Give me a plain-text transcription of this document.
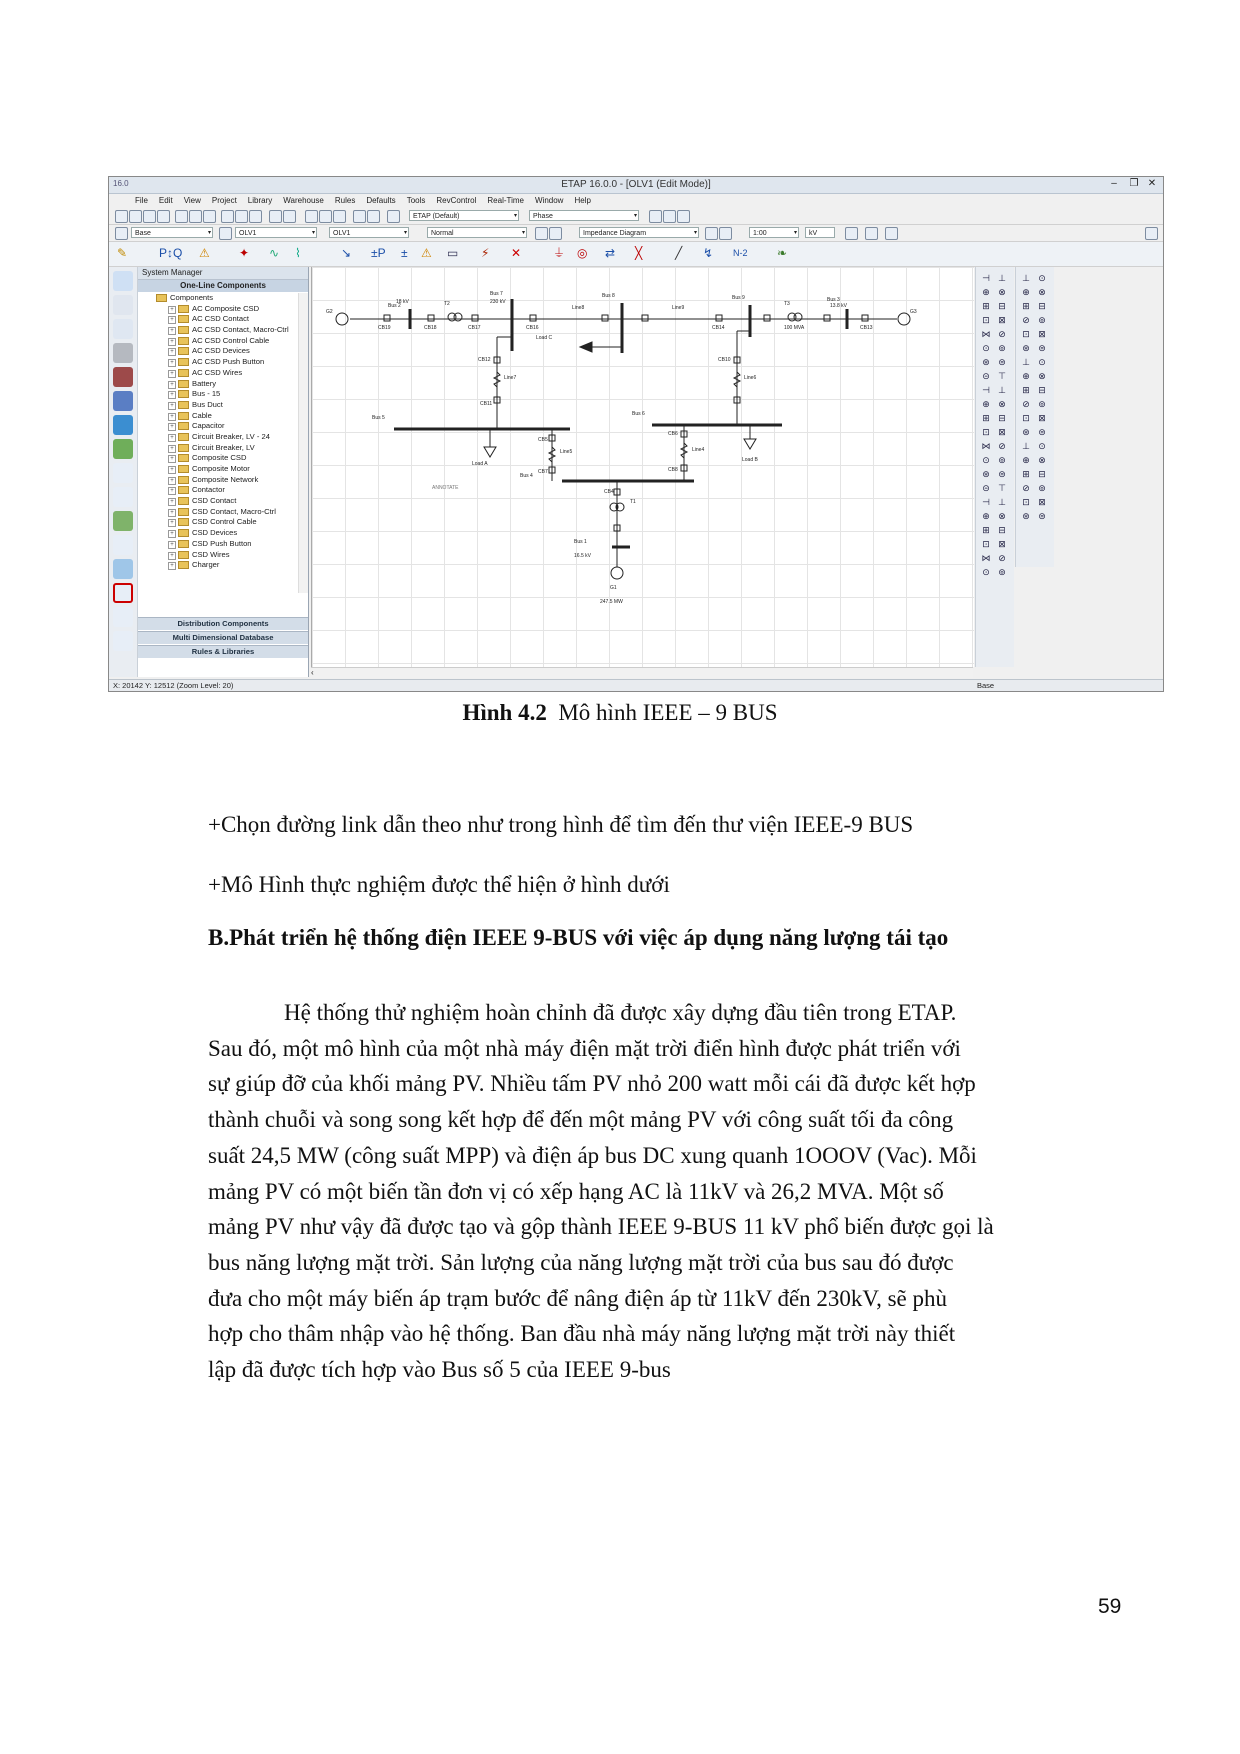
16.0	ETAP 16.0.0 - [OLV1 (Edit Mode)]	–	❐ ✕
File Edit View Project Library Warehouse Rules Defaults Tools RevControl Real-Time Window Help
ETAP (Default)	▾	Phase	▾
Base	▾	OLV1	▾	OLV1	▾	Normal	▾	Impedance Diagram	▾	1:00	▾	kV
✎	P↕Q ⚠ ✦ ∿ ⌇	↘ ±P ± ⚠ ▭ ⚡ ✕	⏚ ◎ ⇄ ╳	╱ ↯ N-2 ❧
System Manager
One-Line Components
Components
+ AC Composite CSD
+ AC CSD Contact
+ AC CSD Contact, Macro-Ctrl
+ AC CSD Control Cable
+ AC CSD Devices
+ AC CSD Push Button
+ AC CSD Wires
+ Battery
+ Bus - 15
+ Bus Duct
+ Cable
+ Capacitor
+ Circuit Breaker, LV - 24
+ Circuit Breaker, LV
+ Composite CSD
+ Composite Motor
+ Composite Network
+ Contactor
+ CSD Contact
+ CSD Contact, Macro-Ctrl
+ CSD Control Cable
+ CSD Devices
+ CSD Push Button
+ CSD Wires
+ Charger
Distribution Components
Multi Dimensional Database
Rules & Libraries
Bus 2
Bus 7	Bus 8	Bus 9	Bus 3
Bus 5
Bus 6
Bus 4
Bus 1
T2	T3
T1
G2	G3
G1
Load C
Load A
Load B
18 kV	230 kV
100 MVA
13.8 kV
16.5 kV
247.5 MW
Line8	Line9
Line7	Line6
Line5	Line4
CB19	CB18	CB17	CB16	CB14	CB13
CB12	CB10
CB5
CB6
CB7	CB8
CB4
CB11
ANNOTATE
‹
⊣ ⊥
⊕ ⊗
⊞ ⊟
⊡ ⊠
⋈ ⊘
⊙ ⊚
⊛ ⊜
⊝ ⊤
⊣ ⊥
⊕ ⊗
⊞ ⊟
⊡ ⊠
⋈ ⊘
⊙ ⊚
⊛ ⊜
⊝ ⊤
⊣ ⊥
⊕ ⊗
⊞ ⊟
⊡ ⊠
⋈ ⊘
⊙ ⊚
⊥ ⊙
⊕ ⊗
⊞ ⊟
⊘ ⊚
⊡ ⊠
⊛ ⊜
⊥ ⊙
⊕ ⊗
⊞ ⊟
⊘ ⊚
⊡ ⊠
⊛ ⊜
⊥ ⊙
⊕ ⊗
⊞ ⊟
⊘ ⊚
⊡ ⊠
⊛ ⊜
X: 20142 Y: 12512 (Zoom Level: 20)	Base
Hình 4.2 Mô hình IEEE – 9 BUS
+Chọn đường link dẫn theo như trong hình để tìm đến thư viện IEEE-9 BUS
+Mô Hình thực nghiệm được thể hiện ở hình dưới
B.Phát triển hệ thống điện IEEE 9-BUS với việc áp dụng năng lượng tái tạo
Hệ thống thử nghiệm hoàn chỉnh đã được xây dựng đầu tiên trong ETAP.
Sau đó, một mô hình của một nhà máy điện mặt trời điển hình được phát triển với
sự giúp đỡ của khối mảng PV. Nhiều tấm PV nhỏ 200 watt mỗi cái đã được kết hợp
thành chuỗi và song song kết hợp để đến một mảng PV với công suất tối đa công
suất 24,5 MW (công suất MPP) và điện áp bus DC xung quanh 1OOOV (Vac). Mỗi
mảng PV có một biến tần đơn vị có xếp hạng AC là 11kV và 26,2 MVA. Một số
mảng PV như vậy đã được tạo và gộp thành IEEE 9-BUS 11 kV phổ biến được gọi là
bus năng lượng mặt trời. Sản lượng của năng lượng mặt trời của bus sau đó được
đưa cho một máy biến áp trạm bước để nâng điện áp từ 11kV đến 230kV, sẽ phù
hợp cho thâm nhập vào hệ thống. Ban đầu nhà máy năng lượng mặt trời này thiết
lập đã được tích hợp vào Bus số 5 của IEEE 9-bus
59
